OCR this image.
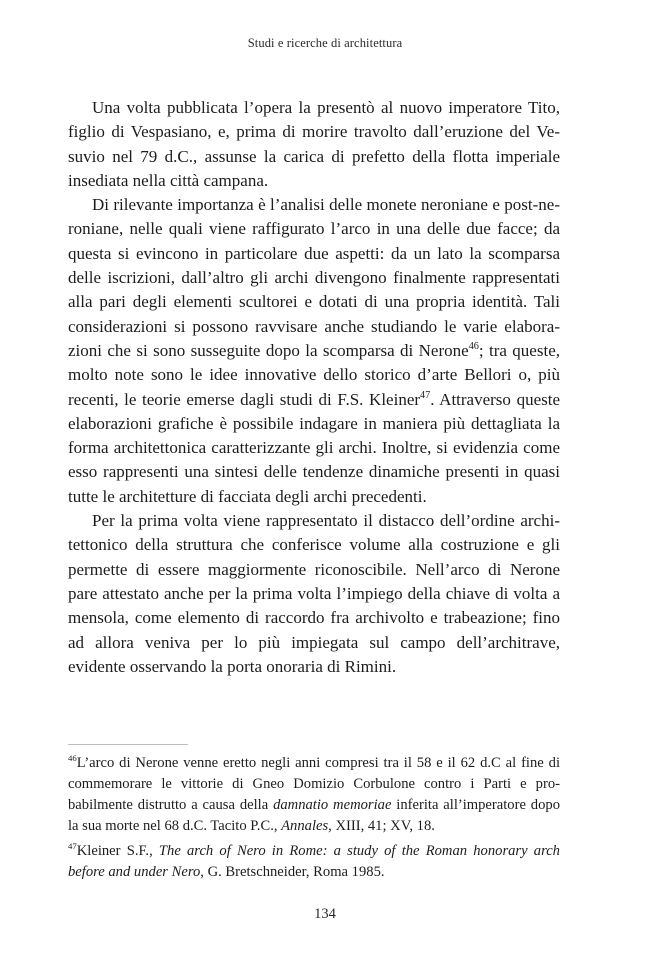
Studi e ricerche di architettura

Una volta pubblicata l’opera la presentò al nuovo imperatore Tito, figlio di Vespasiano, e, prima di morire travolto dall’eruzione del Vesuvio nel 79 d.C., assunse la carica di prefetto della flotta imperiale insediata nella città campana.

Di rilevante importanza è l’analisi delle monete neroniane e post-neroniane, nelle quali viene raffigurato l’arco in una delle due facce; da questa si evincono in particolare due aspetti: da un lato la scomparsa delle iscrizioni, dall’altro gli archi divengono finalmente rappresentati alla pari degli elementi scultorei e dotati di una propria identità. Tali considerazioni si possono ravvisare anche studiando le varie elaborazioni che si sono susseguite dopo la scomparsa di Nerone$^{46}$; tra queste, molto note sono le idee innovative dello storico d’arte Bellori o, più recenti, le teorie emerse dagli studi di F.S. Kleiner$^{47}$. Attraverso queste elaborazioni grafiche è possibile indagare in maniera più dettagliata la forma architettonica caratterizzante gli archi. Inoltre, si evidenzia come esso rappresenti una sintesi delle tendenze dinamiche presenti in quasi tutte le architetture di facciata degli archi precedenti.

Per la prima volta viene rappresentato il distacco dell’ordine architettonico della struttura che conferisce volume alla costruzione e gli permette di essere maggiormente riconoscibile. Nell’arco di Nerone pare attestato anche per la prima volta l’impiego della chiave di volta a mensola, come elemento di raccordo fra archivolto e trabeazione; fino ad allora veniva per lo più impiegata sul campo dell’architrave, evidente osservando la porta onoraria di Rimini.

$^{46}$L’arco di Nerone venne eretto negli anni compresi tra il 58 e il 62 d.C al fine di commemorare le vittorie di Gneo Domizio Corbulone contro i Parti e probabilmente distrutto a causa della damnatio memoriae inferita all’imperatore dopo la sua morte nel 68 d.C. Tacito P.C., Annales, XIII, 41; XV, 18.

$^{47}$Kleiner S.F., The arch of Nero in Rome: a study of the Roman honorary arch before and under Nero, G. Bretschneider, Roma 1985.

134
